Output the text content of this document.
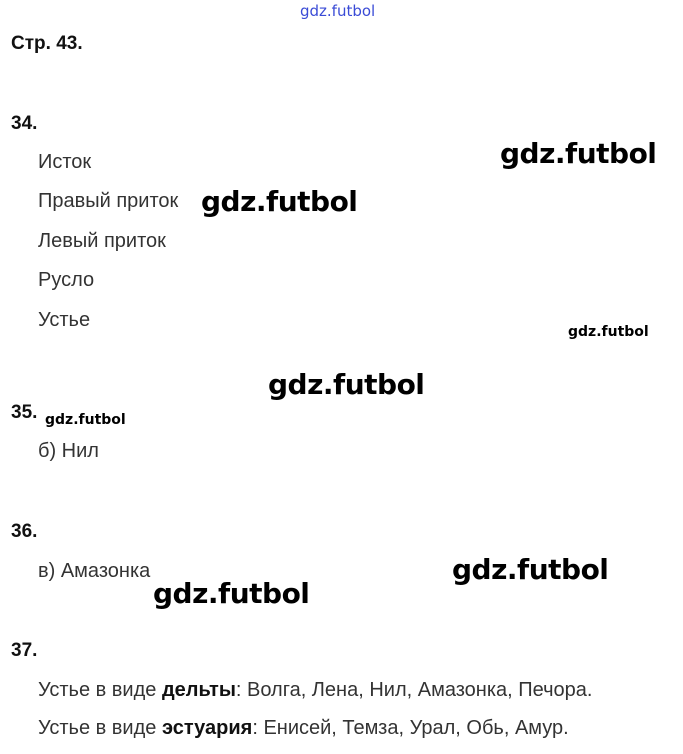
gdz.futbol
Стр. 43.
34.
Исток
Правый приток
Левый приток
Русло
Устье
gdz.futbol
gdz.futbol
gdz.futbol
gdz.futbol
35. gdz.futbol
б) Нил
36.
в) Амазонка	gdz.futbol
gdz.futbol
37.
Устье в виде дельты: Волга, Лена, Нил, Амазонка, Печора.
Устье в виде эстуария: Енисей, Темза, Урал, Обь, Амур.
